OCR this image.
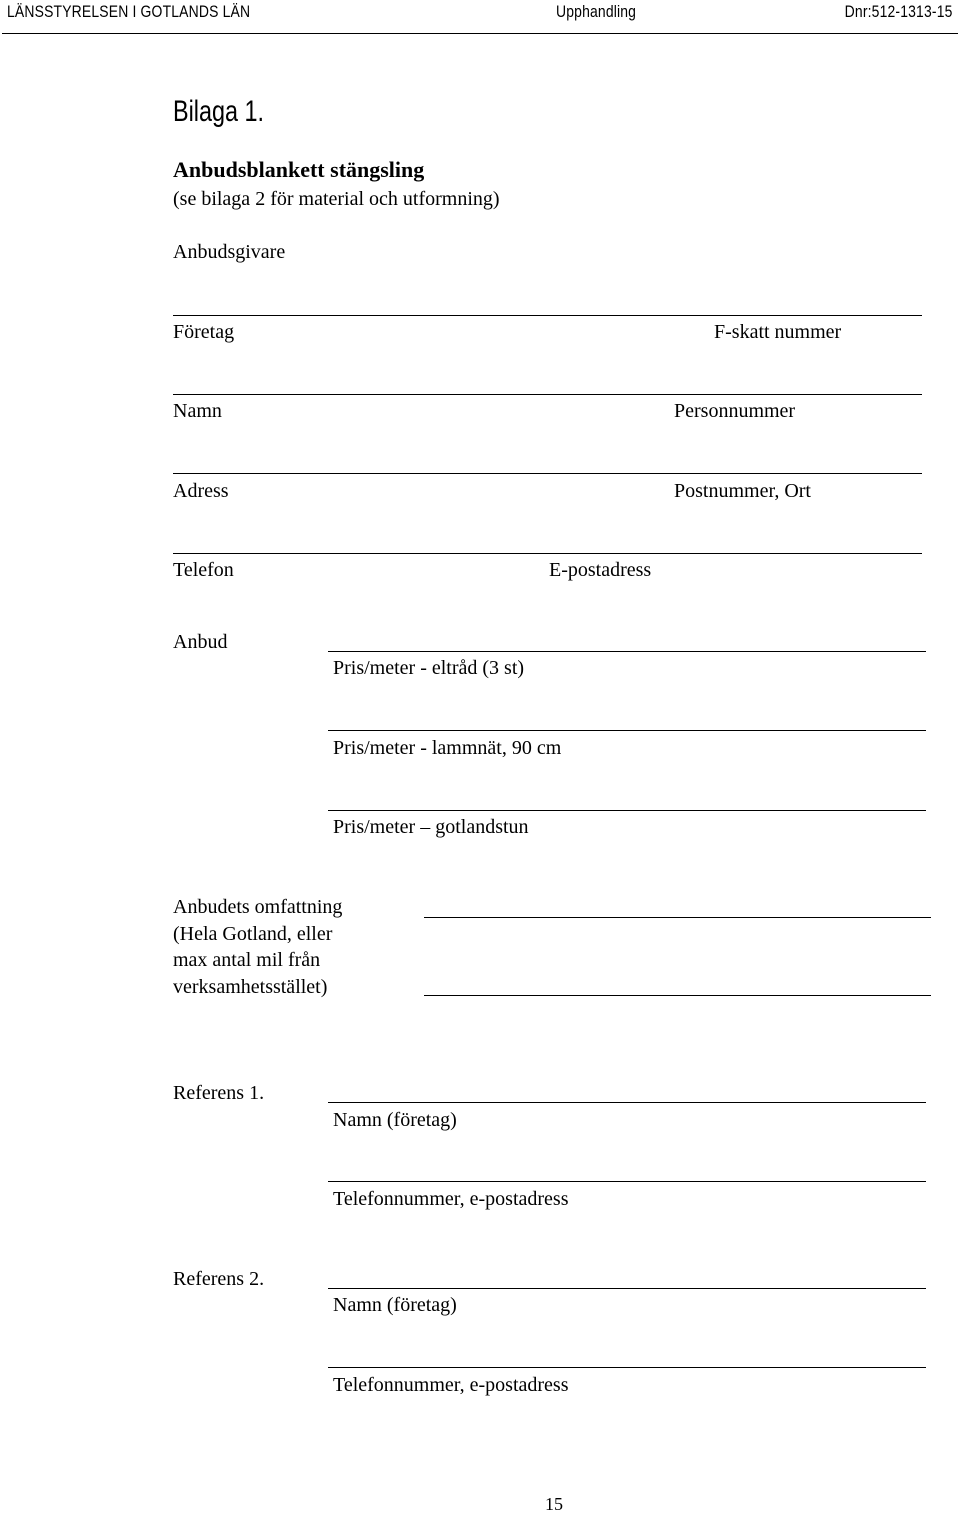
LÄNSSTYRELSEN I GOTLANDS LÄN	Upphandling	Dnr:512-1313-15
Bilaga 1.
Anbudsblankett stängsling
(se bilaga 2 för material och utformning)
Anbudsgivare
Företag	F-skatt nummer
Namn	Personnummer
Adress	Postnummer, Ort
Telefon	E-postadress
Anbud
Pris/meter - eltråd (3 st)
Pris/meter - lammnät, 90 cm
Pris/meter – gotlandstun
Anbudets omfattning
(Hela Gotland, eller
max antal mil från
verksamhetsstället)
Referens 1.
Namn (företag)
Telefonnummer, e-postadress
Referens 2.
Namn (företag)
Telefonnummer, e-postadress
15
